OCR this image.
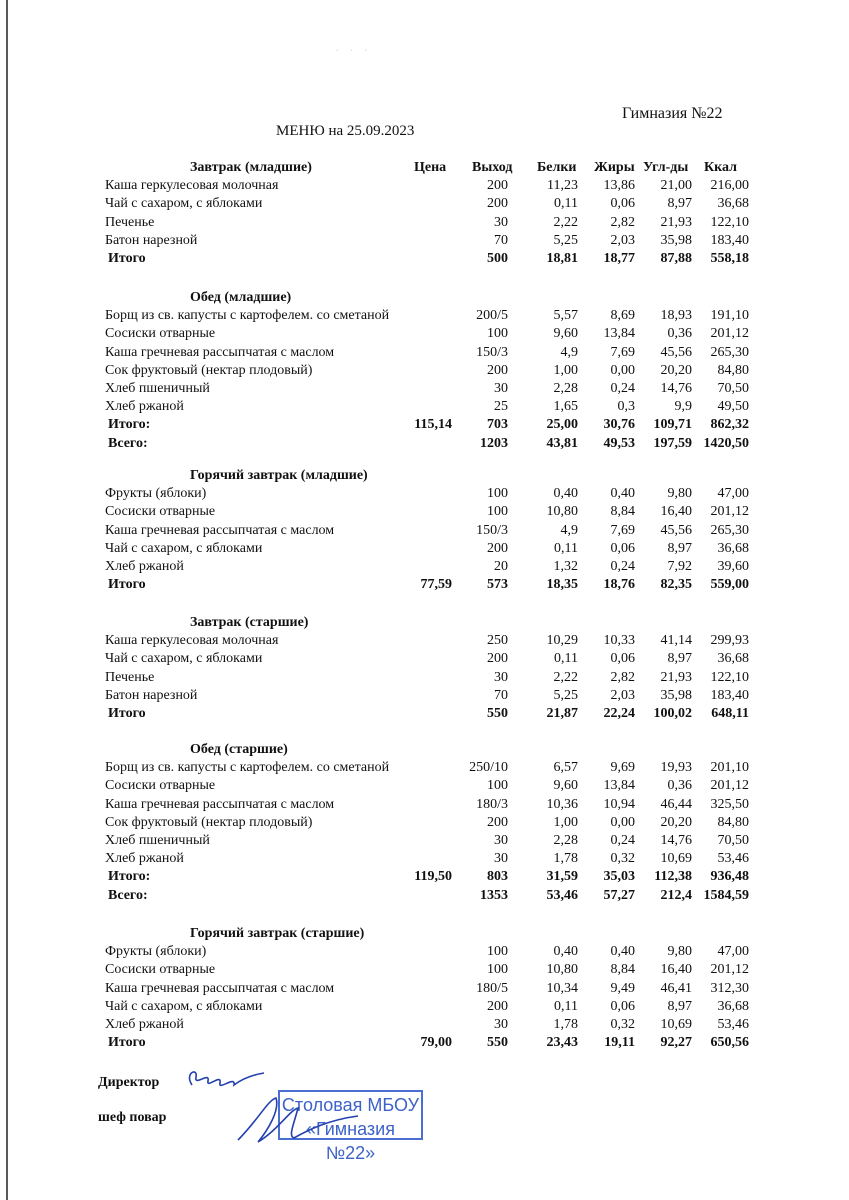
· · ·
Гимназия №22
МЕНЮ на 25.09.2023
Цена Выход Белки Жиры Угл-ды Ккал
Завтрак (младшие)
Каша геркулесовая молочная	200	11,23 13,86 21,00 216,00
Чай с сахаром, с яблоками	200	0,11 0,06 8,97 36,68
Печенье	30	2,22 2,82 21,93 122,10
Батон нарезной	70	5,25 2,03 35,98 183,40
Итого	500	18,81 18,77 87,88 558,18
Обед (младшие)
Борщ из св. капусты с картофелем. со сметаной	200/5	5,57 8,69 18,93 191,10
Сосиски отварные	100	9,60 13,84 0,36 201,12
Каша гречневая рассыпчатая с маслом	150/3	4,9 7,69 45,56 265,30
Сок фруктовый (нектар плодовый)	200	1,00 0,00 20,20 84,80
Хлеб пшеничный	30	2,28 0,24 14,76 70,50
Хлеб ржаной	25	1,65	0,3	9,9 49,50
Итого:	115,14	703	25,00 30,76 109,71 862,32
Всего:	1203	43,81 49,53 197,59 1420,50
Горячий завтрак (младшие)
Фрукты (яблоки)	100	0,40 0,40 9,80 47,00
Сосиски отварные	100	10,80 8,84 16,40 201,12
Каша гречневая рассыпчатая с маслом	150/3	4,9 7,69 45,56 265,30
Чай с сахаром, с яблоками	200	0,11 0,06 8,97 36,68
Хлеб ржаной	20	1,32 0,24 7,92 39,60
Итого	77,59	573	18,35 18,76 82,35 559,00
Завтрак (старшие)
Каша геркулесовая молочная	250	10,29 10,33 41,14 299,93
Чай с сахаром, с яблоками	200	0,11 0,06 8,97 36,68
Печенье	30	2,22 2,82 21,93 122,10
Батон нарезной	70	5,25 2,03 35,98 183,40
Итого	550	21,87 22,24 100,02 648,11
Обед (старшие)
Борщ из св. капусты с картофелем. со сметаной	250/10	6,57 9,69 19,93 201,10
Сосиски отварные	100	9,60 13,84 0,36 201,12
Каша гречневая рассыпчатая с маслом	180/3	10,36 10,94 46,44 325,50
Сок фруктовый (нектар плодовый)	200	1,00 0,00 20,20 84,80
Хлеб пшеничный	30	2,28 0,24 14,76 70,50
Хлеб ржаной	30	1,78 0,32 10,69 53,46
Итого:	119,50	803	31,59 35,03 112,38 936,48
Всего:	1353	53,46 57,27 212,4 1584,59
Горячий завтрак (старшие)
Фрукты (яблоки)	100	0,40 0,40 9,80 47,00
Сосиски отварные	100	10,80 8,84 16,40 201,12
Каша гречневая рассыпчатая с маслом	180/5	10,34 9,49 46,41 312,30
Чай с сахаром, с яблоками	200	0,11 0,06 8,97 36,68
Хлеб ржаной	30	1,78 0,32 10,69 53,46
Итого	79,00	550	23,43 19,11 92,27 650,56
Директор
шеф повар
Столовая МБОУ
«Гимназия №22»
